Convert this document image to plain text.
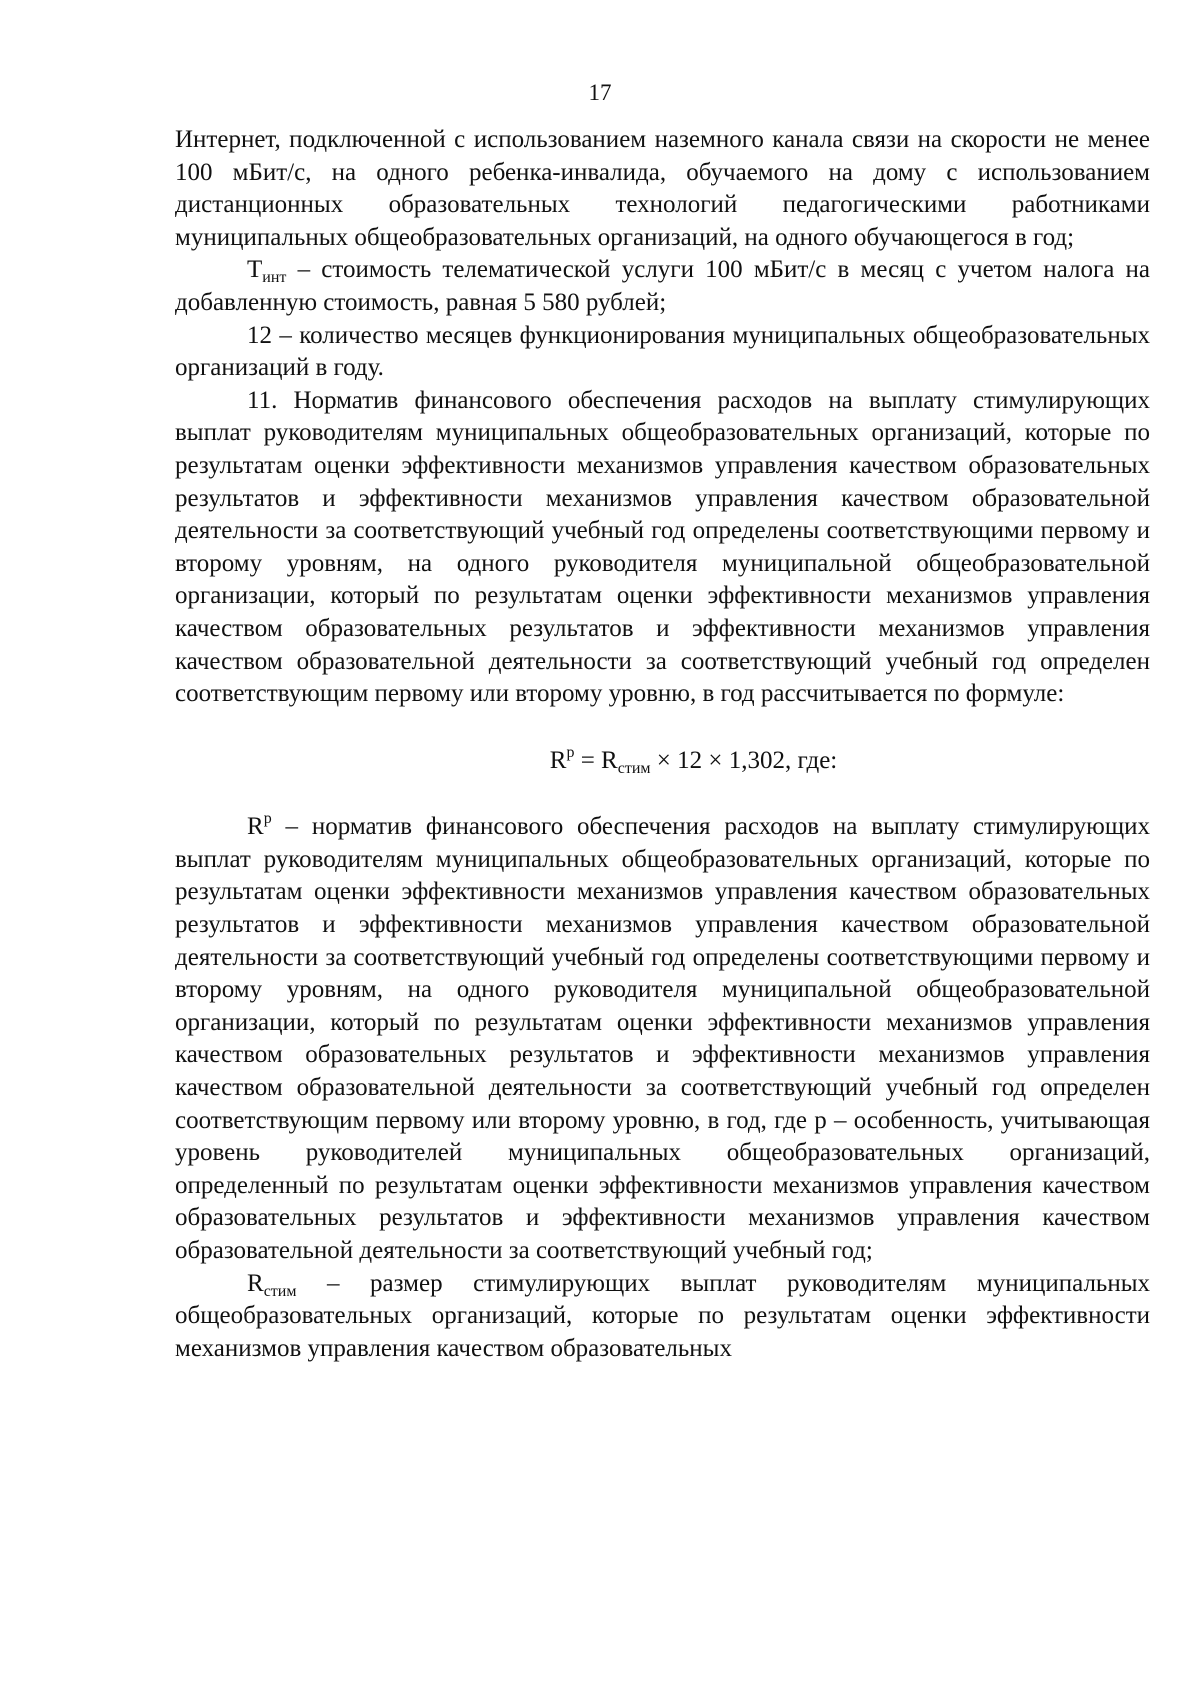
17

Интернет, подключенной с использованием наземного канала связи на скорости не менее 100 мБит/с, на одного ребенка-инвалида, обучаемого на дому с использованием дистанционных образовательных технологий педагогическими работниками муниципальных общеобразовательных организаций, на одного обучающегося в год;

$Т_{инт}$ – стоимость телематической услуги 100 мБит/с в месяц с учетом налога на добавленную стоимость, равная 5 580 рублей;

12 – количество месяцев функционирования муниципальных общеобразовательных организаций в году.

11. Норматив финансового обеспечения расходов на выплату стимулирующих выплат руководителям муниципальных общеобразовательных организаций, которые по результатам оценки эффективности механизмов управления качеством образовательных результатов и эффективности механизмов управления качеством образовательной деятельности за соответствующий учебный год определены соответствующими первому и второму уровням, на одного руководителя муниципальной общеобразовательной организации, который по результатам оценки эффективности механизмов управления качеством образовательных результатов и эффективности механизмов управления качеством образовательной деятельности за соответствующий учебный год определен соответствующим первому или второму уровню, в год рассчитывается по формуле:

$R^р = R_{стим} \times 12 \times 1,302$, где:

$R^р$ – норматив финансового обеспечения расходов на выплату стимулирующих выплат руководителям муниципальных общеобразовательных организаций, которые по результатам оценки эффективности механизмов управления качеством образовательных результатов и эффективности механизмов управления качеством образовательной деятельности за соответствующий учебный год определены соответствующими первому и второму уровням, на одного руководителя муниципальной общеобразовательной организации, который по результатам оценки эффективности механизмов управления качеством образовательных результатов и эффективности механизмов управления качеством образовательной деятельности за соответствующий учебный год определен соответствующим первому или второму уровню, в год, где р – особенность, учитывающая уровень руководителей муниципальных общеобразовательных организаций, определенный по результатам оценки эффективности механизмов управления качеством образовательных результатов и эффективности механизмов управления качеством образовательной деятельности за соответствующий учебный год;

$R_{стим}$ – размер стимулирующих выплат руководителям муниципальных общеобразовательных организаций, которые по результатам оценки эффективности механизмов управления качеством образовательных
